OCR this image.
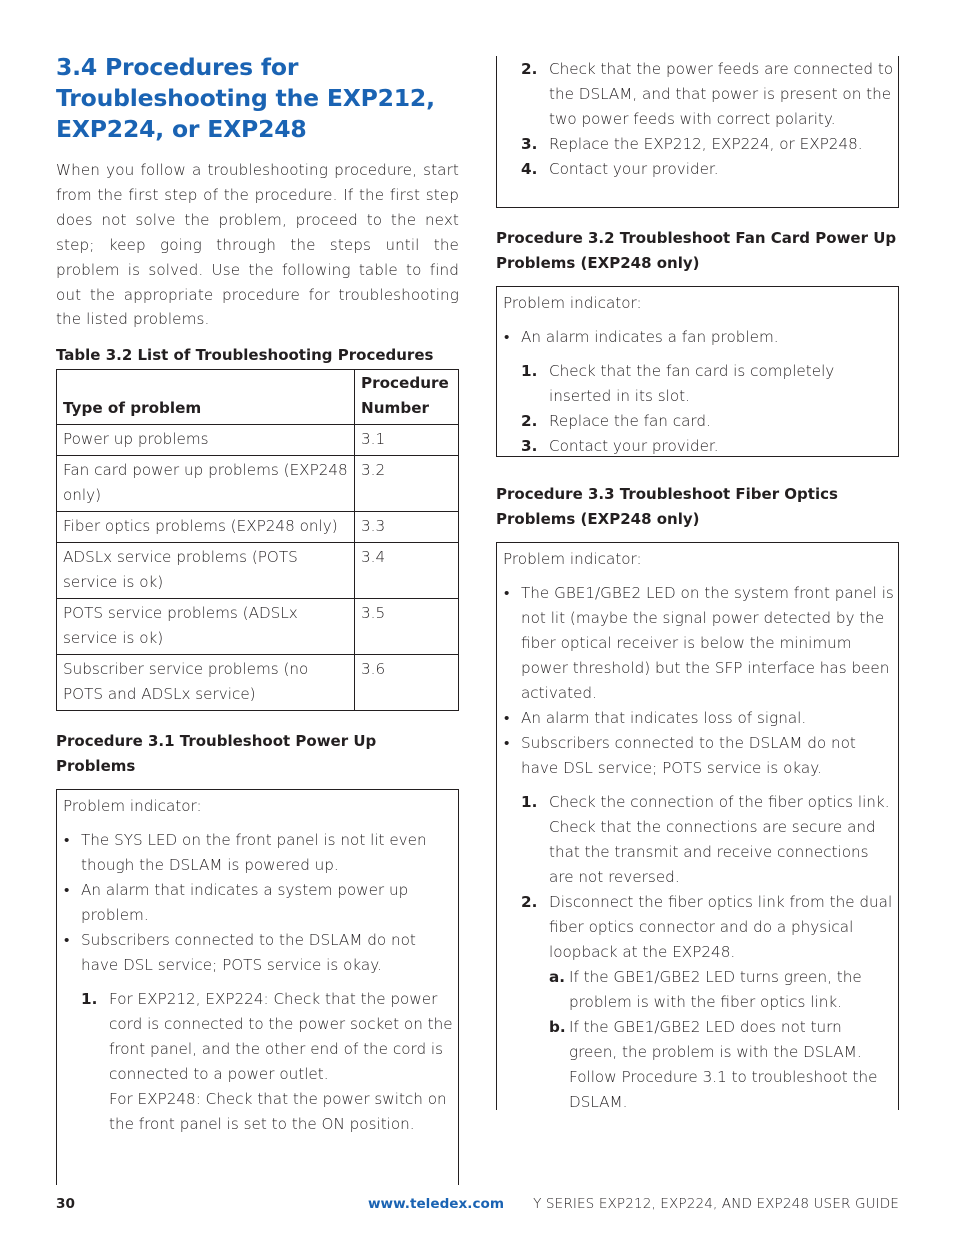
3.4 Procedures for Troubleshooting the EXP212, EXP224, or EXP248

When you follow a troubleshooting procedure, start from the first step of the procedure. If the first step does not solve the problem, proceed to the next step; keep going through the steps until the problem is solved. Use the following table to find out the appropriate procedure for troubleshooting the listed problems.

Table 3.2 List of Troubleshooting Procedures
Type of problem	Procedure Number
Power up problems	3.1
Fan card power up problems (EXP248 only)	3.2
Fiber optics problems (EXP248 only)	3.3
ADSLx service problems (POTS service is ok)	3.4
POTS service problems (ADSLx service is ok)	3.5
Subscriber service problems (no POTS and ADSLx service)	3.6
Procedure 3.1 Troubleshoot Power Up Problems

Problem indicator:

• The SYS LED on the front panel is not lit even though the DSLAM is powered up.
• An alarm that indicates a system power up problem.
• Subscribers connected to the DSLAM do not have DSL service; POTS service is okay.
1. For EXP212, EXP224: Check that the power cord is connected to the power socket on the front panel, and the other end of the cord is connected to a power outlet.
For EXP248: Check that the power switch on the front panel is set to the ON position.
2. Check that the power feeds are connected to the DSLAM, and that power is present on the two power feeds with correct polarity.
3. Replace the EXP212, EXP224, or EXP248.
4. Contact your provider.
Procedure 3.2 Troubleshoot Fan Card Power Up Problems (EXP248 only)

Problem indicator:

• An alarm indicates a fan problem.
1. Check that the fan card is completely inserted in its slot.
2. Replace the fan card.
3. Contact your provider.
Procedure 3.3 Troubleshoot Fiber Optics Problems (EXP248 only)

Problem indicator:

• The GBE1/GBE2 LED on the system front panel is not lit (maybe the signal power detected by the fiber optical receiver is below the minimum power threshold) but the SFP interface has been activated.
• An alarm that indicates loss of signal.
• Subscribers connected to the DSLAM do not have DSL service; POTS service is okay.
1. Check the connection of the fiber optics link. Check that the connections are secure and that the transmit and receive connections are not reversed.
2. Disconnect the fiber optics link from the dual fiber optics connector and do a physical loopback at the EXP248.
a. If the GBE1/GBE2 LED turns green, the problem is with the fiber optics link.
b. If the GBE1/GBE2 LED does not turn green, the problem is with the DSLAM. Follow Procedure 3.1 to troubleshoot the DSLAM.
30	www.teledex.com Y SERIES EXP212, EXP224, AND EXP248 USER GUIDE
